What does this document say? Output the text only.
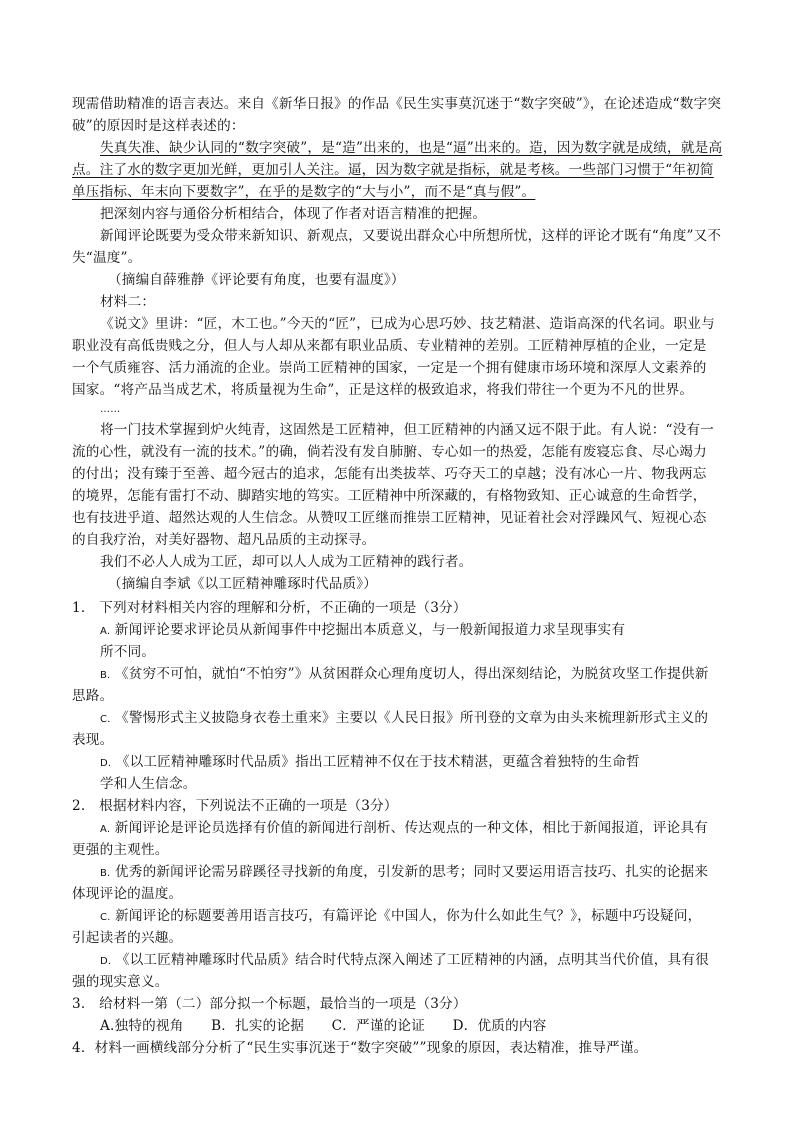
现需借助精准的语言表达。来自《新华日报》的作品《民生实事莫沉迷于“数字突破”》，在论述造成“数字突
破”的原因时是这样表述的：
失真失准、缺少认同的“数字突破”，是“造”出来的，也是“逼”出来的。造，因为数字就是成绩，就是高
点。注了水的数字更加光鲜，更加引人关注。逼，因为数字就是指标，就是考核。一些部门习惯于“年初简
单压指标、年末向下要数字”，在乎的是数字的“大与小”，而不是“真与假”。
把深刻内容与通俗分析相结合，体现了作者对语言精准的把握。
新闻评论既要为受众带来新知识、新观点，又要说出群众心中所想所忧，这样的评论才既有“角度”又不
失“温度”。
（摘编自薛雅静《评论要有角度，也要有温度》）
材料二：
《说文》里讲：“匠，木工也。”今天的“匠”，已成为心思巧妙、技艺精湛、造诣高深的代名词。职业与
职业没有高低贵贱之分，但人与人却从来都有职业品质、专业精神的差别。工匠精神厚植的企业，一定是
一个气质雍容、活力涌流的企业。崇尚工匠精神的国家，一定是一个拥有健康市场环境和深厚人文素养的
国家。“将产品当成艺术，将质量视为生命”，正是这样的极致追求，将我们带往一个更为不凡的世界。
……
将一门技术掌握到炉火纯青，这固然是工匠精神，但工匠精神的内涵又远不限于此。有人说：“没有一
流的心性，就没有一流的技术。”的确，倘若没有发自肺腑、专心如一的热爱，怎能有废寝忘食、尽心竭力
的付出；没有臻于至善、超今冠古的追求，怎能有出类拔萃、巧夺天工的卓越；没有冰心一片、物我两忘
的境界，怎能有雷打不动、脚踏实地的笃实。工匠精神中所深藏的，有格物致知、正心诚意的生命哲学，
也有技进乎道、超然达观的人生信念。从赞叹工匠继而推崇工匠精神，见证着社会对浮躁风气、短视心态
的自我疗治，对美好器物、超凡品质的主动探寻。
我们不必人人成为工匠，却可以人人成为工匠精神的践行者。
（摘编自李斌《以工匠精神雕琢时代品质》）
1.　下列对材料相关内容的理解和分析，不正确的一项是（3分）
A. 新闻评论要求评论员从新闻事件中挖掘出本质意义，与一般新闻报道力求呈现事实有
所不同。
B. 《贫穷不可怕，就怕“不怕穷”》从贫困群众心理角度切人，得出深刻结论，为脱贫攻坚工作提供新
思路。
C. 《警惕形式主义披隐身衣卷土重来》主要以《人民日报》所刊登的文章为由头来梳理新形式主义的
表现。
D. 《以工匠精神雕琢时代品质》指出工匠精神不仅在于技术精湛，更蕴含着独特的生命哲
学和人生信念。
2.　根据材料内容，下列说法不正确的一项是（3分）
A. 新闻评论是评论员选择有价值的新闻进行剖析、传达观点的一种文体，相比于新闻报道，评论具有
更强的主观性。
B. 优秀的新闻评论需另辟蹊径寻找新的角度，引发新的思考；同时又要运用语言技巧、扎实的论据来
体现评论的温度。
C. 新闻评论的标题要善用语言技巧，有篇评论《中国人，你为什么如此生气？》，标题中巧设疑问，
引起读者的兴趣。
D. 《以工匠精神雕琢时代品质》结合时代特点深入阐述了工匠精神的内涵，点明其当代价值，具有很
强的现实意义。
3.　给材料一第（二）部分拟一个标题，最恰当的一项是（3分）
A.独特的视角　　B．扎实的论据　　C．严谨的论证　　D．优质的内容
4．材料一画横线部分分析了“民生实事沉迷于“数字突破””现象的原因，表达精准，推导严谨。
